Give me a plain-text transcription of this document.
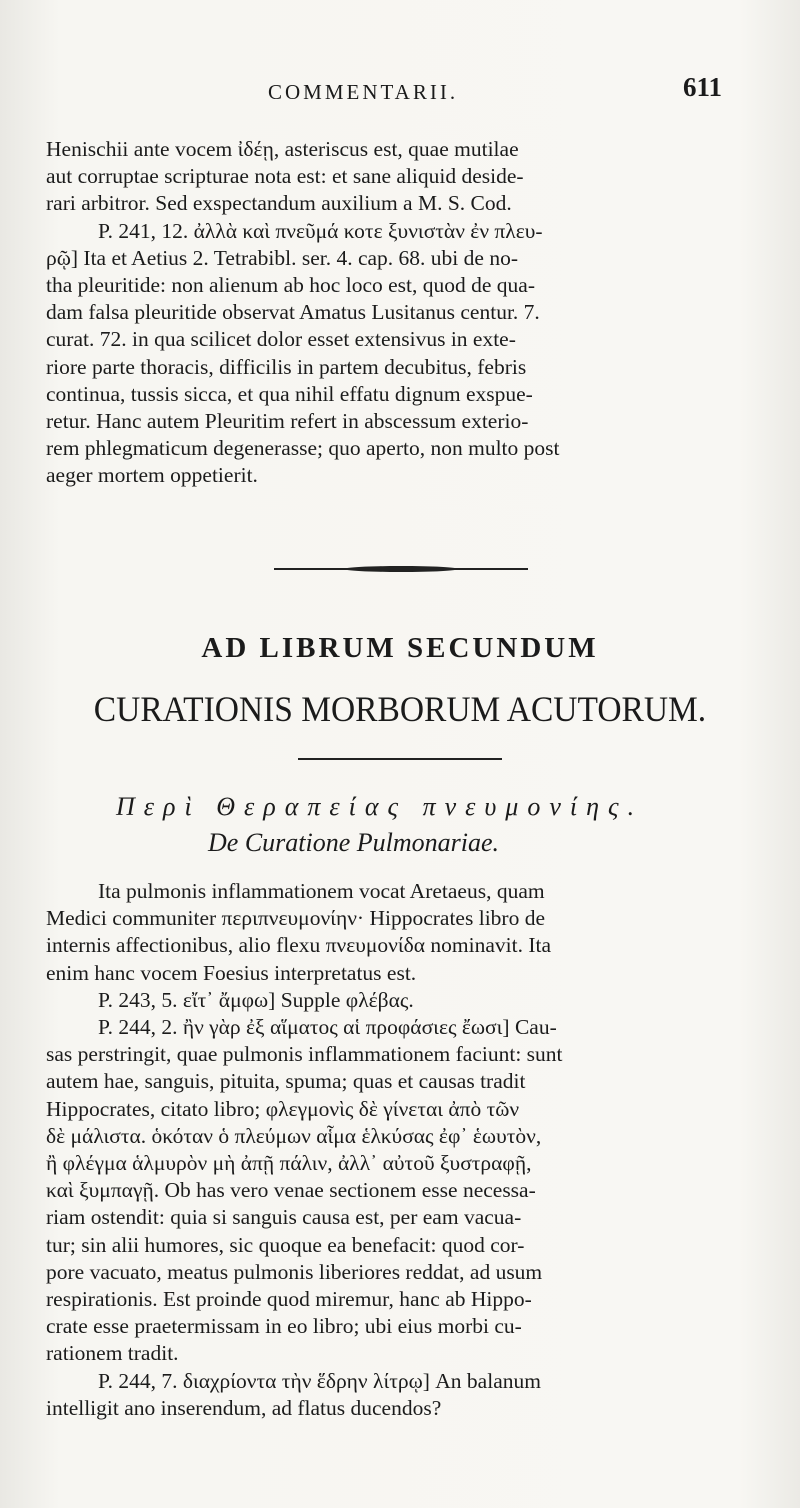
COMMENTARII.	611
Henischii ante vocem ἰδέῃ, asteriscus est, quae mutilae
aut corruptae scripturae nota est: et sane aliquid deside-
rari arbitror. Sed exspectandum auxilium a M. S. Cod.
P. 241, 12. ἀλλὰ καὶ πνεῦμά κοτε ξυνιστὰν ἐν πλευ-
ρῷ] Ita et Aetius 2. Tetrabibl. ser. 4. cap. 68. ubi de no-
tha pleuritide: non alienum ab hoc loco est, quod de qua-
dam falsa pleuritide observat Amatus Lusitanus centur. 7.
curat. 72. in qua scilicet dolor esset extensivus in exte-
riore parte thoracis, difficilis in partem decubitus, febris
continua, tussis sicca, et qua nihil effatu dignum exspue-
retur. Hanc autem Pleuritim refert in abscessum exterio-
rem phlegmaticum degenerasse; quo aperto, non multo post
aeger mortem oppetierit.
AD LIBRUM SECUNDUM
CURATIONIS MORBORUM ACUTORUM.
Περὶ Θεραπείας πνευμονίης.
De Curatione Pulmonariae.
Ita pulmonis inflammationem vocat Aretaeus, quam
Medici communiter περιπνευμονίην· Hippocrates libro de
internis affectionibus, alio flexu πνευμονίδα nominavit. Ita
enim hanc vocem Foesius interpretatus est.
P. 243, 5. εἴτ᾽ ἄμφω] Supple φλέβας.
P. 244, 2. ἢν γὰρ ἐξ αἵματος αἱ προφάσιες ἔωσι] Cau-
sas perstringit, quae pulmonis inflammationem faciunt: sunt
autem hae, sanguis, pituita, spuma; quas et causas tradit
Hippocrates, citato libro; φλεγμονὶς δὲ γίνεται ἀπὸ τῶν
δὲ μάλιστα. ὁκόταν ὁ πλεύμων αἷμα ἑλκύσας ἐφ᾽ ἑωυτὸν,
ἢ φλέγμα ἁλμυρὸν μὴ ἀπῇ πάλιν, ἀλλ᾽ αὐτοῦ ξυστραφῇ,
καὶ ξυμπαγῇ. Ob has vero venae sectionem esse necessa-
riam ostendit: quia si sanguis causa est, per eam vacua-
tur; sin alii humores, sic quoque ea benefacit: quod cor-
pore vacuato, meatus pulmonis liberiores reddat, ad usum
respirationis. Est proinde quod miremur, hanc ab Hippo-
crate esse praetermissam in eo libro; ubi eius morbi cu-
rationem tradit.
P. 244, 7. διαχρίοντα τὴν ἕδρην λίτρῳ] An balanum
intelligit ano inserendum, ad flatus ducendos?
